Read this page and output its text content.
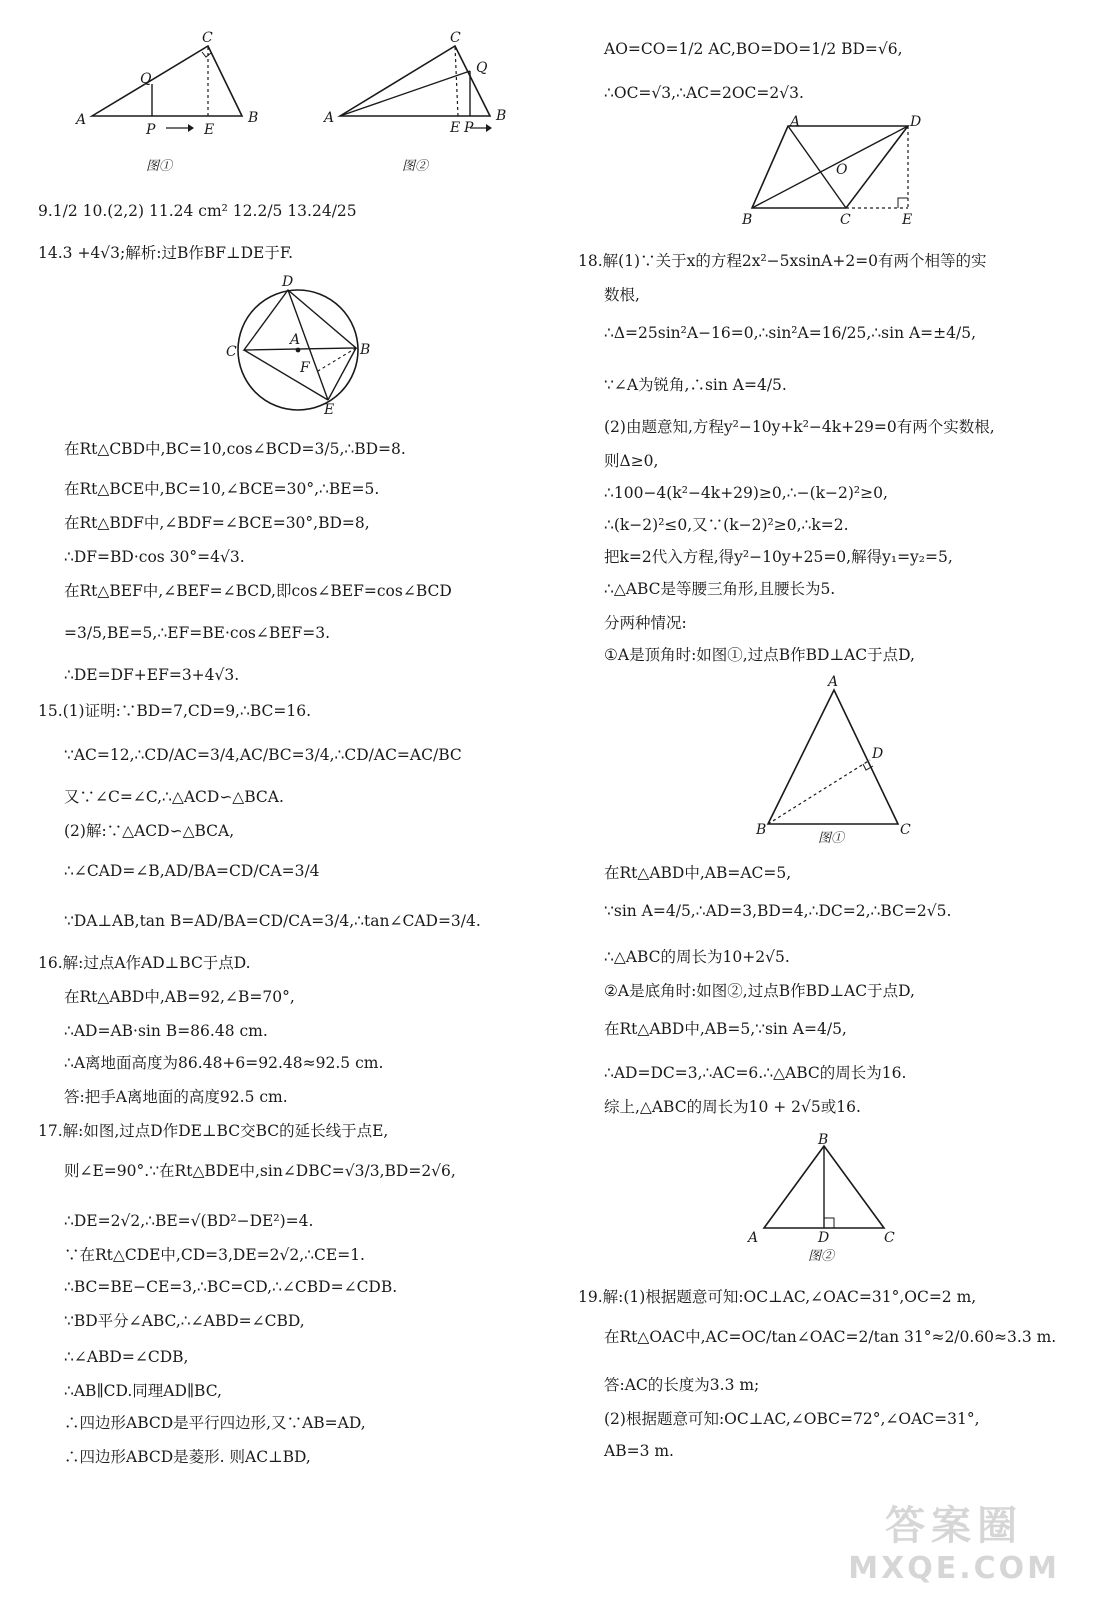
A
C
Q
P	E
B
图①
A
C
Q
E P
B
图②
D
A
C	B
F
E
A	D
O
B	C	E
A
D
B	C
图①
B
A	D	C
图②
9.1/2 10.(2,2) 11.24 cm² 12.2/5 13.24/25
14.3 +4√3;解析:过B作BF⊥DE于F.
在Rt△CBD中,BC=10,cos∠BCD=3/5,∴BD=8.
在Rt△BCE中,BC=10,∠BCE=30°,∴BE=5.
在Rt△BDF中,∠BDF=∠BCE=30°,BD=8,
∴DF=BD·cos 30°=4√3.
在Rt△BEF中,∠BEF=∠BCD,即cos∠BEF=cos∠BCD
=3/5,BE=5,∴EF=BE·cos∠BEF=3.
∴DE=DF+EF=3+4√3.
15.(1)证明:∵BD=7,CD=9,∴BC=16.
∵AC=12,∴CD/AC=3/4,AC/BC=3/4,∴CD/AC=AC/BC
又∵∠C=∠C,∴△ACD∽△BCA.
(2)解:∵△ACD∽△BCA,
∴∠CAD=∠B,AD/BA=CD/CA=3/4
∵DA⊥AB,tan B=AD/BA=CD/CA=3/4,∴tan∠CAD=3/4.
16.解:过点A作AD⊥BC于点D.
在Rt△ABD中,AB=92,∠B=70°,
∴AD=AB·sin B=86.48 cm.
∴A离地面高度为86.48+6=92.48≈92.5 cm.
答:把手A离地面的高度92.5 cm.
17.解:如图,过点D作DE⊥BC交BC的延长线于点E,
则∠E=90°.∵在Rt△BDE中,sin∠DBC=√3/3,BD=2√6,
∴DE=2√2,∴BE=√(BD²−DE²)=4.
∵在Rt△CDE中,CD=3,DE=2√2,∴CE=1.
∴BC=BE−CE=3,∴BC=CD,∴∠CBD=∠CDB.
∵BD平分∠ABC,∴∠ABD=∠CBD,
∴∠ABD=∠CDB,
∴AB∥CD.同理AD∥BC,
∴四边形ABCD是平行四边形,又∵AB=AD,
∴四边形ABCD是菱形. 则AC⊥BD,
AO=CO=1/2 AC,BO=DO=1/2 BD=√6,
∴OC=√3,∴AC=2OC=2√3.
18.解(1)∵关于x的方程2x²−5xsinA+2=0有两个相等的实
数根,
∴Δ=25sin²A−16=0,∴sin²A=16/25,∴sin A=±4/5,
∵∠A为锐角,∴sin A=4/5.
(2)由题意知,方程y²−10y+k²−4k+29=0有两个实数根,
则Δ≥0,
∴100−4(k²−4k+29)≥0,∴−(k−2)²≥0,
∴(k−2)²≤0,又∵(k−2)²≥0,∴k=2.
把k=2代入方程,得y²−10y+25=0,解得y₁=y₂=5,
∴△ABC是等腰三角形,且腰长为5.
分两种情况:
①A是顶角时:如图①,过点B作BD⊥AC于点D,
在Rt△ABD中,AB=AC=5,
∵sin A=4/5,∴AD=3,BD=4,∴DC=2,∴BC=2√5.
∴△ABC的周长为10+2√5.
②A是底角时:如图②,过点B作BD⊥AC于点D,
在Rt△ABD中,AB=5,∵sin A=4/5,
∴AD=DC=3,∴AC=6.∴△ABC的周长为16.
综上,△ABC的周长为10 + 2√5或16.
19.解:(1)根据题意可知:OC⊥AC,∠OAC=31°,OC=2 m,
在Rt△OAC中,AC=OC/tan∠OAC=2/tan 31°≈2/0.60≈3.3 m.
答:AC的长度为3.3 m;
(2)根据题意可知:OC⊥AC,∠OBC=72°,∠OAC=31°,
AB=3 m.
答案圈
MXQE.COM
